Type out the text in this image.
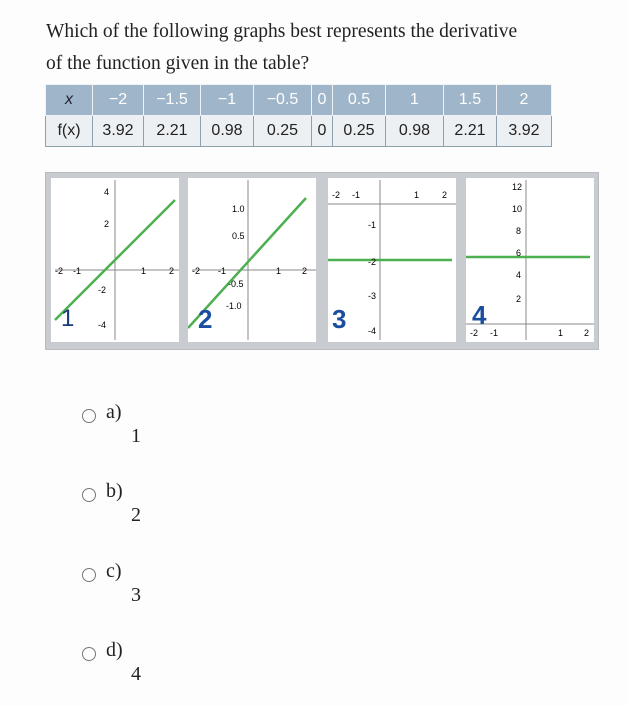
Which of the following graphs best represents the derivative
of the function given in the table?
x	−2	−1.5	−1	−0.5	0	0.5	1	1.5	2
f(x)	3.92	2.21	0.98	0.25	0	0.25	0.98	2.21	3.92
-2 -1	1	2
4
2
-2
-4
1
-2 -1	1 2
1.0
0.5
-0.5
-1.0
2
-2 -1	1	2
-1
-2
-3
-4
3	-2 -1	1 2
12
10
8
6
4
2
4
a)
1
b)
2
c)
3
d)
4
